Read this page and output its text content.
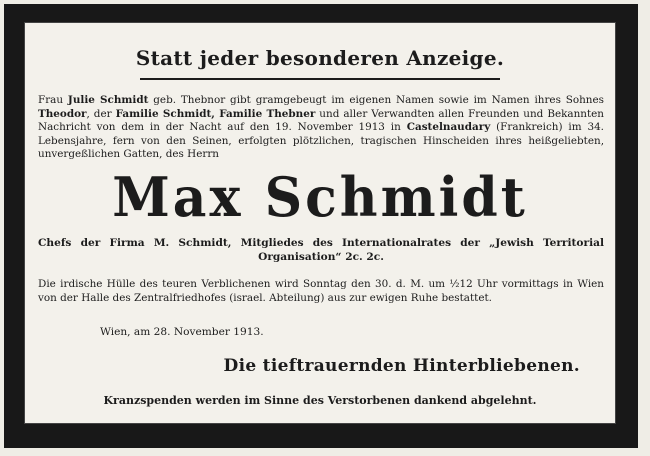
Statt jeder besonderen Anzeige.
Frau Julie Schmidt geb. Thebnor gibt gramgebeugt im eigenen Namen sowie im Namen ihres Sohnes Theodor, der Familie Schmidt, Familie Thebner und aller Verwandten allen Freunden und Bekannten Nachricht von dem in der Nacht auf den 19. November 1913 in Castelnaudary (Frankreich) im 34. Lebensjahre, fern von den Seinen, erfolgten plötzlichen, tragischen Hinscheiden ihres heißgeliebten, unvergeßlichen Gatten, des Herrn
Max Schmidt
Chefs der Firma M. Schmidt, Mitgliedes des Internationalrates der „Jewish Territorial Organisation“ 2c. 2c.
Die irdische Hülle des teuren Verblichenen wird Sonntag den 30. d. M. um ½12 Uhr vormittags in Wien von der Halle des Zentralfriedhofes (israel. Abteilung) aus zur ewigen Ruhe bestattet.
Wien, am 28. November 1913.
Die tieftrauernden Hinterbliebenen.
Kranzspenden werden im Sinne des Verstorbenen dankend abgelehnt.
